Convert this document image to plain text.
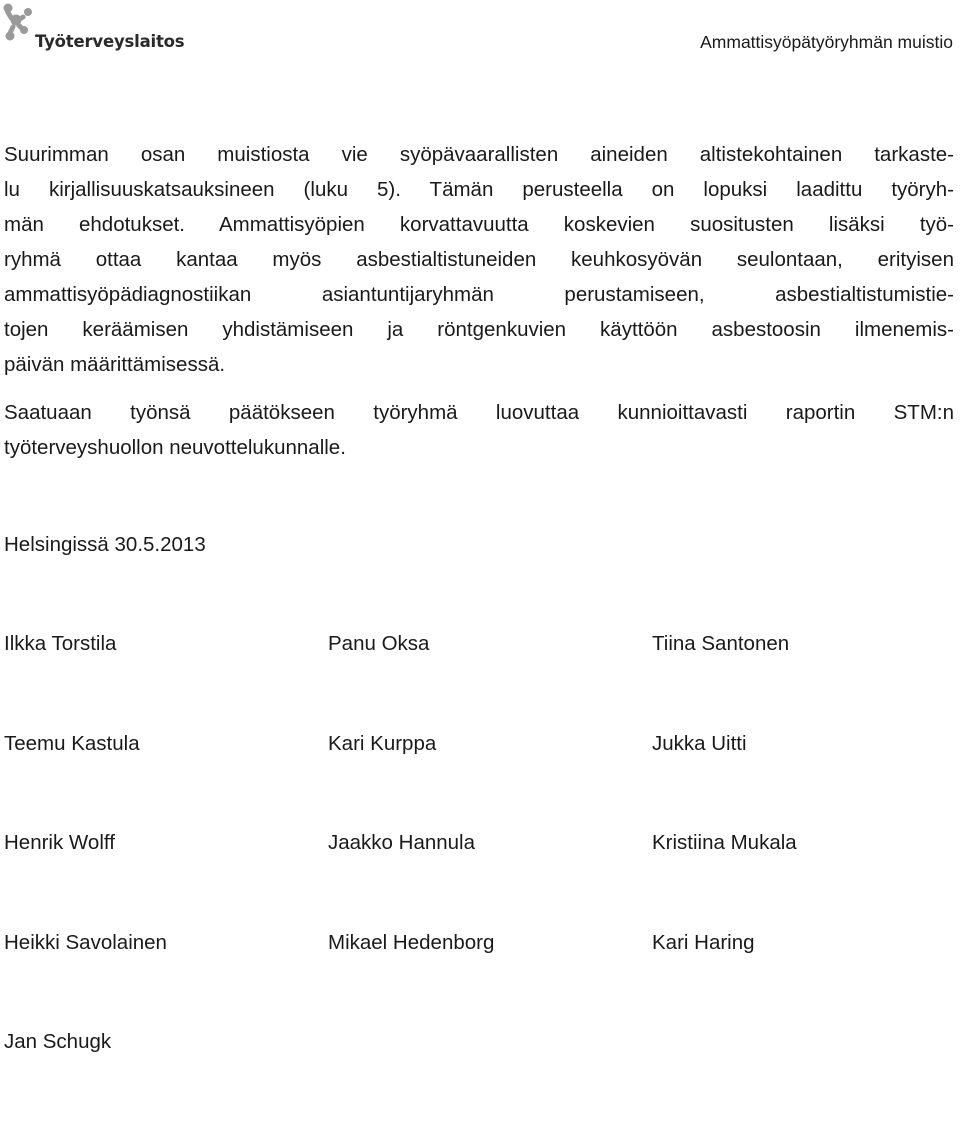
Työterveyslaitos	Ammattisyöpätyöryhmän muistio
Suurimman osan muistiosta vie syöpävaarallisten aineiden altistekohtainen tarkaste-
lu kirjallisuuskatsauksineen (luku 5). Tämän perusteella on lopuksi laadittu työryh-
män ehdotukset. Ammattisyöpien korvattavuutta koskevien suositusten lisäksi työ-
ryhmä ottaa kantaa myös asbestialtistuneiden keuhkosyövän seulontaan, erityisen
ammattisyöpädiagnostiikan asiantuntijaryhmän perustamiseen, asbestialtistumistie-
tojen keräämisen yhdistämiseen ja röntgenkuvien käyttöön asbestoosin ilmenemis-
päivän määrittämisessä.
Saatuaan työnsä päätökseen työryhmä luovuttaa kunnioittavasti raportin STM:n
työterveyshuollon neuvottelukunnalle.
Helsingissä 30.5.2013
Ilkka Torstila	Panu Oksa	Tiina Santonen
Teemu Kastula	Kari Kurppa	Jukka Uitti
Henrik Wolff	Jaakko Hannula	Kristiina Mukala
Heikki Savolainen	Mikael Hedenborg	Kari Haring
Jan Schugk
